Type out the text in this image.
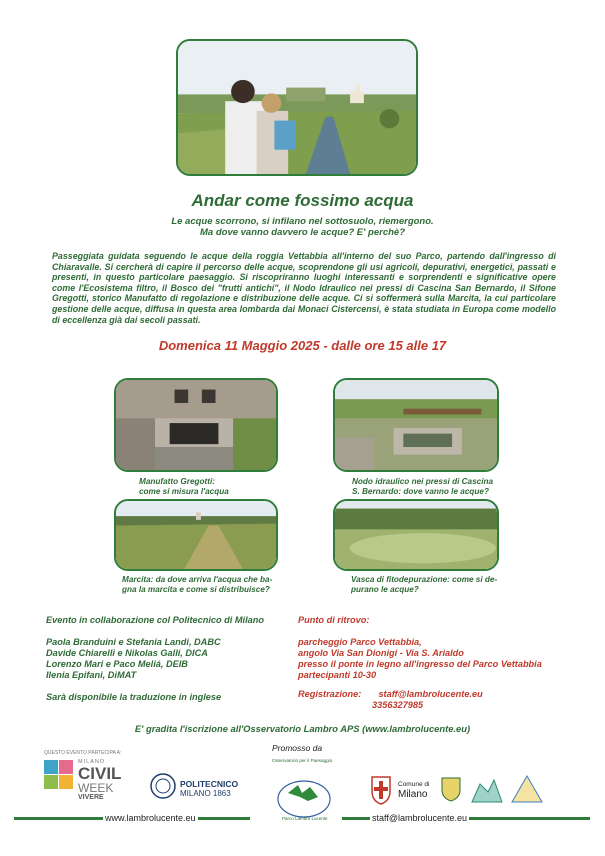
Andar come fossimo acqua
Le acque scorrono, si infilano nel sottosuolo, riemergono.
Ma dove vanno davvero le acque? E' perchè?
Passeggiata guidata seguendo le acque della roggia Vettabbia all'interno del suo Parco, partendo dall'ingresso di Chiaravalle. Si cercherà di capire il percorso delle acque, scoprendone gli usi agricoli, depurativi, energetici, passati e presenti, in questo particolare paesaggio. Si riscopriranno luoghi interessanti e sorprendenti e significative opere come l'Ecosistema filtro, il Bosco dei "frutti antichi", il Nodo Idraulico nei pressi di Cascina San Bernardo, il Sifone Gregotti, storico Manufatto di regolazione e distribuzione delle acque. Ci si soffermerà sulla Marcita, la cui particolare gestione delle acque, diffusa in questa area lombarda dai Monaci Cistercensi, è stata studiata in Europa come modello di eccellenza già dai secoli passati.
Domenica 11 Maggio 2025 - dalle ore 15 alle 17
Manufatto Gregotti:
come si misura l'acqua
Nodo idraulico nei pressi di Cascina
S. Bernardo: dove vanno le acque?
Marcita: da dove arriva l'acqua che ba-
gna la marcita e come si distribuisce?
Vasca di fitodepurazione: come si de-
purano le acque?
Evento in collaborazione col Politecnico di Milano
Paola Branduini e Stefania Landi, DABC
Davide Chiarelli e Nikolas Galli, DICA
Lorenzo Mari e Paco Meliá, DEIB
Ilenia Epifani, DiMAT
Sarà disponibile la traduzione in inglese
Punto di ritrovo:
parcheggio Parco Vettabbia,
angolo Via San Dionigi - Via S. Arialdo
presso il ponte in legno all'ingresso del Parco Vettabbia
partecipanti 10-30
Registrazione: staff@lambrolucente.eu
3356327985
E' gradita l'iscrizione all'Osservatorio Lambro APS (www.lambrolucente.eu)
QUESTO EVENTO PARTECIPA A:
MILANO
CIVIL
WEEK
VIVERE
POLITECNICO
MILANO 1863
Promosso da
Osservatorio per il Paesaggio
Parco Lambro Lucente
Comune di
Milano
www.lambrolucente.eu	staff@lambrolucente.eu
